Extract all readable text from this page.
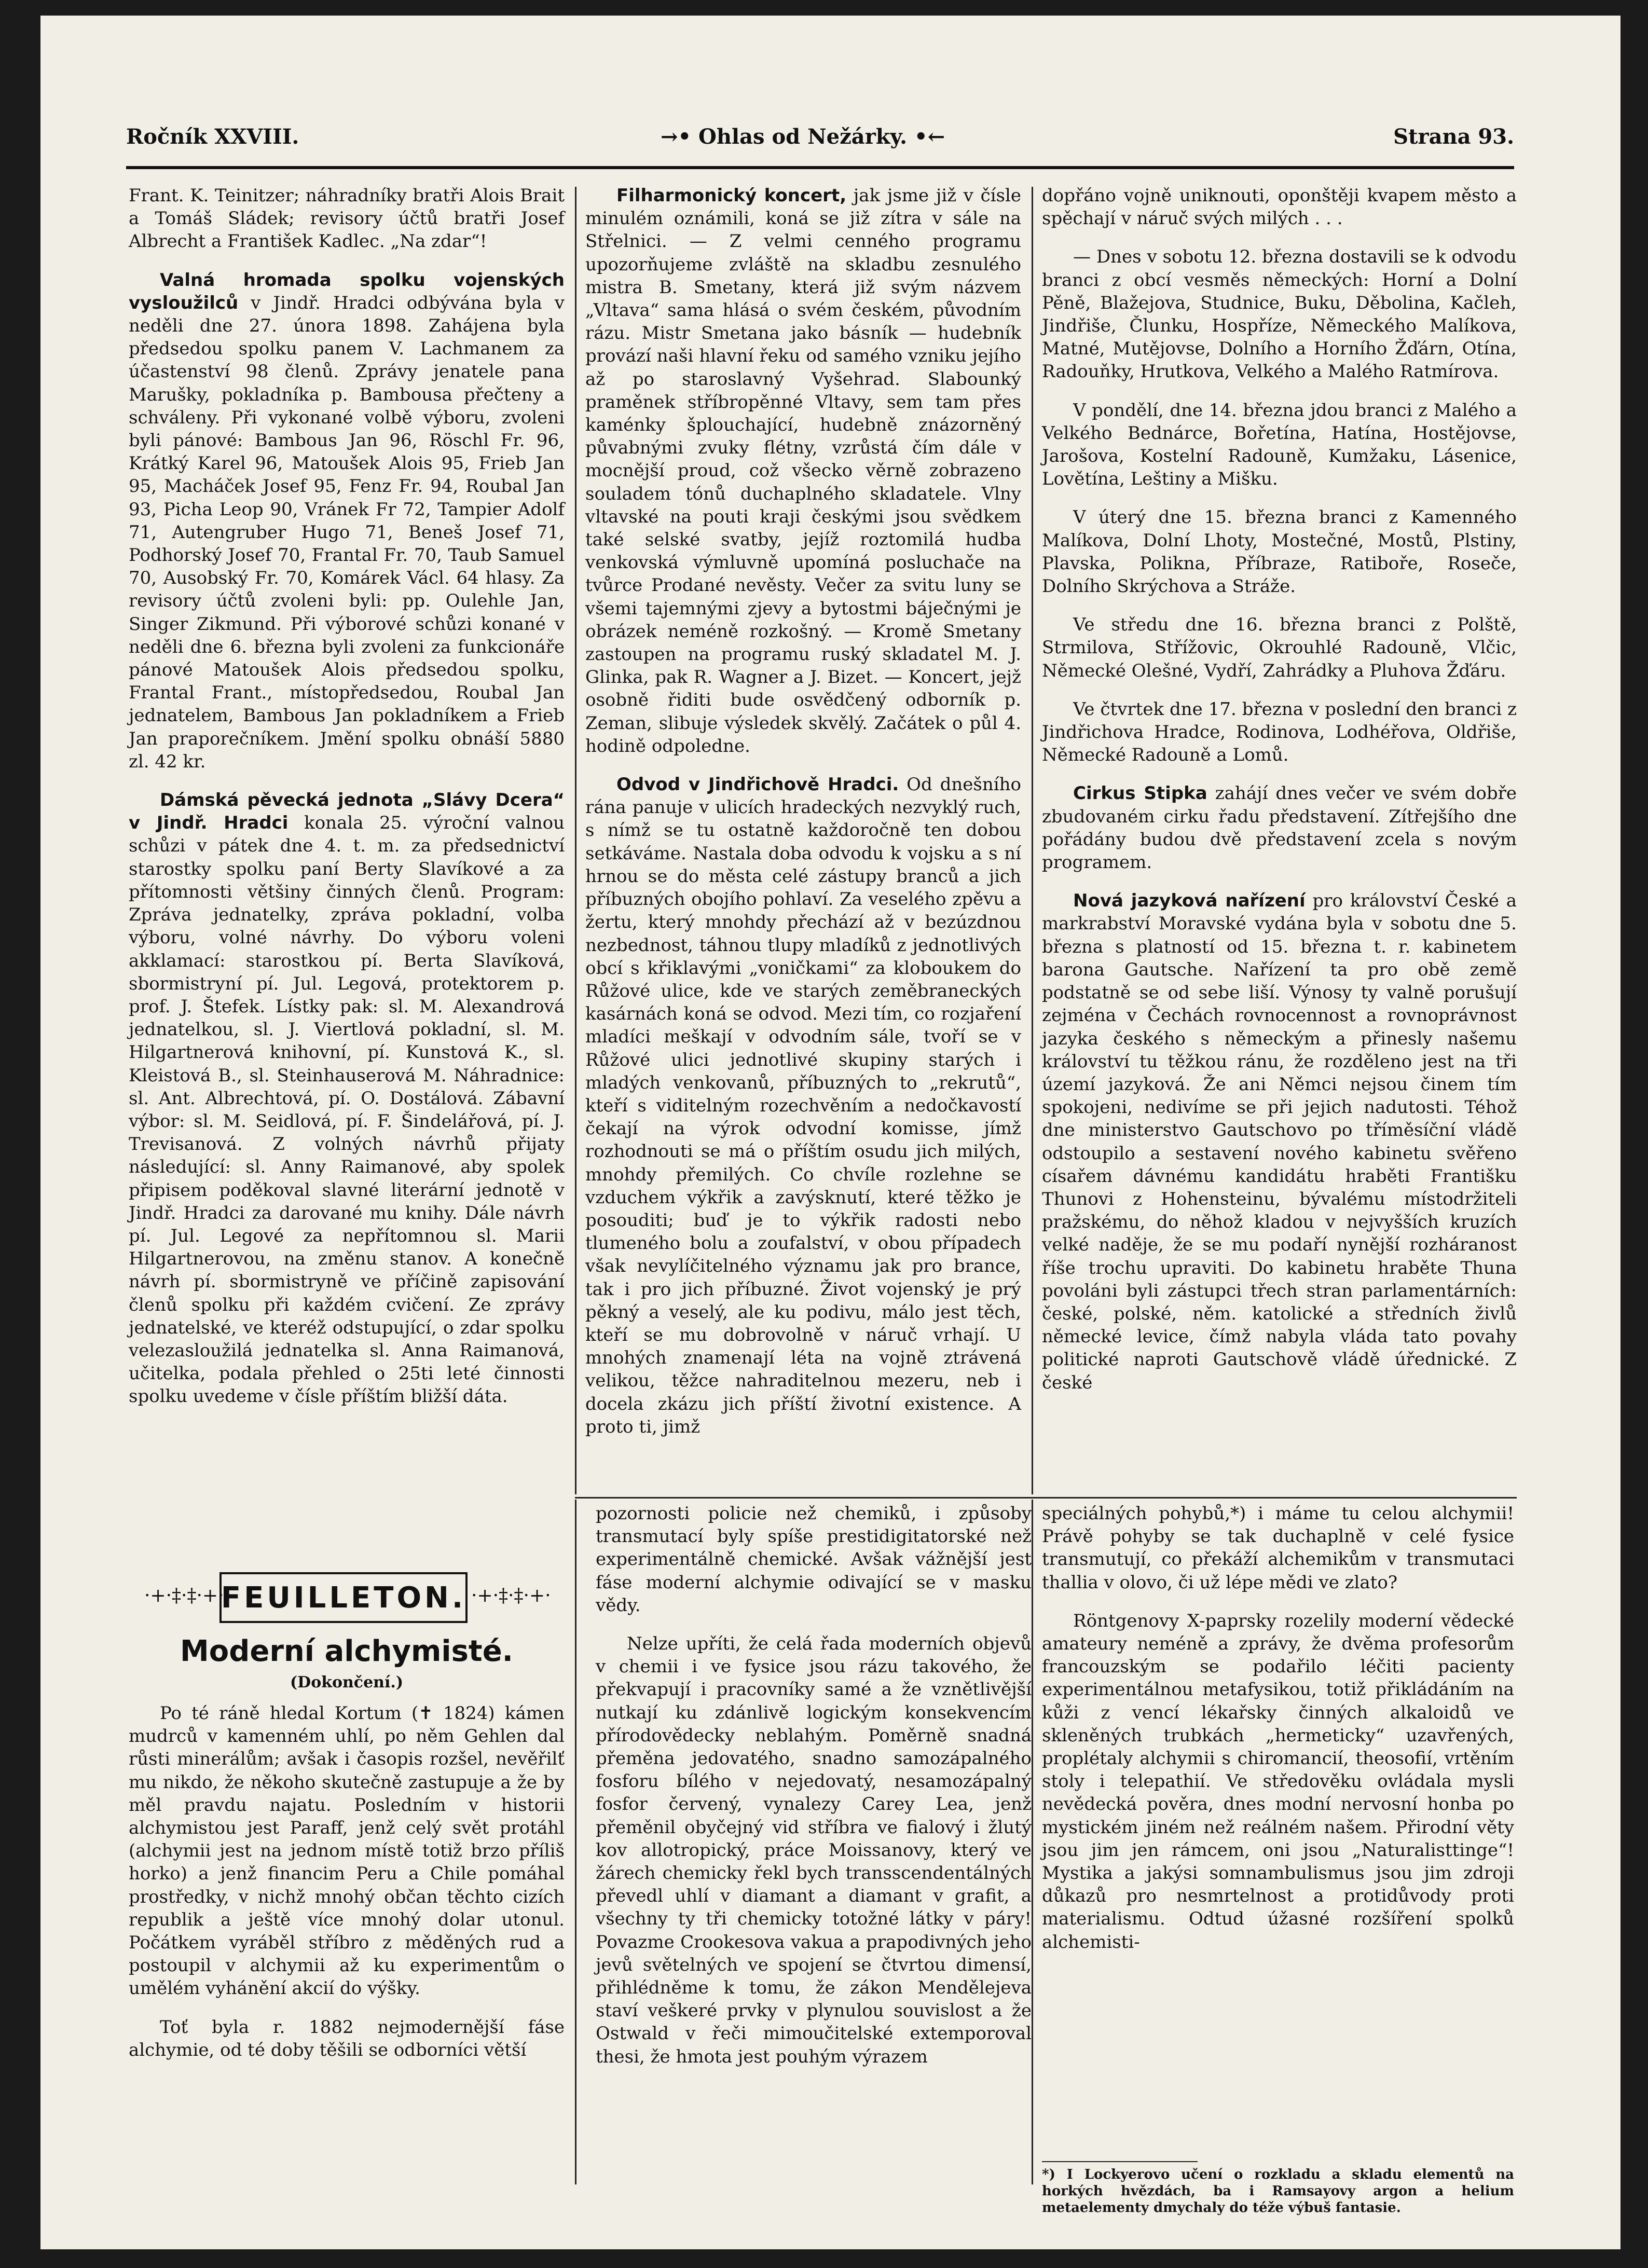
Ročník XXVIII.	→• Ohlas od Nežárky. •←	Strana 93.

Frant. K. Teinitzer; náhradníky bratři Alois Brait a Tomáš Sládek; revisory účtů bratři Josef Albrecht a František Kadlec. „Na zdar“!

Valná hromada spolku vojenských vysloužilců v Jindř. Hradci odbývána byla v neděli dne 27. února 1898. Zahájena byla předsedou spolku panem V. Lachmanem za účastenství 98 členů. Zprávy jenatele pana Marušky, pokladníka p. Bambousa přečteny a schváleny. Při vykonané volbě výboru, zvoleni byli pánové: Bambous Jan 96, Röschl Fr. 96, Krátký Karel 96, Matoušek Alois 95, Frieb Jan 95, Macháček Josef 95, Fenz Fr. 94, Roubal Jan 93, Picha Leop 90, Vránek Fr 72, Tampier Adolf 71, Autengruber Hugo 71, Beneš Josef 71, Podhorský Josef 70, Frantal Fr. 70, Taub Samuel 70, Ausobský Fr. 70, Komárek Václ. 64 hlasy. Za revisory účtů zvoleni byli: pp. Oulehle Jan, Singer Zikmund. Při výborové schůzi konané v neděli dne 6. března byli zvoleni za funkcionáře pánové Matoušek Alois předsedou spolku, Frantal Frant., místopředsedou, Roubal Jan jednatelem, Bambous Jan pokladníkem a Frieb Jan praporečníkem. Jmění spolku obnáší 5880 zl. 42 kr.

Dámská pěvecká jednota „Slávy Dcera“ v Jindř. Hradci konala 25. výroční valnou schůzi v pátek dne 4. t. m. za předsednictví starostky spolku paní Berty Slavíkové a za přítomnosti většiny činných členů. Program: Zpráva jednatelky, zpráva pokladní, volba výboru, volné návrhy. Do výboru voleni akklamací: starostkou pí. Berta Slavíková, sbormistryní pí. Jul. Legová, protektorem p. prof. J. Štefek. Lístky pak: sl. M. Alexandrová jednatelkou, sl. J. Viertlová pokladní, sl. M. Hilgartnerová knihovní, pí. Kunstová K., sl. Kleistová B., sl. Steinhauserová M. Náhradnice: sl. Ant. Albrechtová, pí. O. Dostálová. Zábavní výbor: sl. M. Seidlová, pí. F. Šindelářová, pí. J. Trevisanová. Z volných návrhů přijaty následující: sl. Anny Raimanové, aby spolek připisem poděkoval slavné literární jednotě v Jindř. Hradci za darované mu knihy. Dále návrh pí. Jul. Legové za nepřítomnou sl. Marii Hilgartnerovou, na změnu stanov. A konečně návrh pí. sbormistryně ve příčině zapisování členů spolku při každém cvičení. Ze zprávy jednatelské, ve kteréž odstupující, o zdar spolku velezasloužilá jednatelka sl. Anna Raimanová, učitelka, podala přehled o 25ti leté činnosti spolku uvedeme v čísle příštím bližší dáta.

Filharmonický koncert, jak jsme již v čísle minulém oznámili, koná se již zítra v sále na Střelnici. — Z velmi cenného programu upozorňujeme zvláště na skladbu zesnulého mistra B. Smetany, která již svým názvem „Vltava“ sama hlásá o svém českém, původním rázu. Mistr Smetana jako básník — hudebník provází naši hlavní řeku od samého vzniku jejího až po staroslavný Vyšehrad. Slabounký praměnek stříbropěnné Vltavy, sem tam přes kaménky šplouchající, hudebně znázorněný půvabnými zvuky flétny, vzrůstá čím dále v mocnější proud, což všecko věrně zobrazeno souladem tónů duchaplného skladatele. Vlny vltavské na pouti kraji českými jsou svědkem také selské svatby, jejíž roztomilá hudba venkovská výmluvně upomíná posluchače na tvůrce Prodané nevěsty. Večer za svitu luny se všemi tajemnými zjevy a bytostmi báječnými je obrázek neméně rozkošný. — Kromě Smetany zastoupen na programu ruský skladatel M. J. Glinka, pak R. Wagner a J. Bizet. — Koncert, jejž osobně řiditi bude osvědčený odborník p. Zeman, slibuje výsledek skvělý. Začátek o půl 4. hodině odpoledne.

Odvod v Jindřichově Hradci. Od dnešního rána panuje v ulicích hradeckých nezvyklý ruch, s nímž se tu ostatně každoročně ten dobou setkáváme. Nastala doba odvodu k vojsku a s ní hrnou se do města celé zástupy branců a jich příbuzných obojího pohlaví. Za veselého zpěvu a žertu, který mnohdy přechází až v bezúzdnou nezbednost, táhnou tlupy mladíků z jednotlivých obcí s křiklavými „voničkami“ za kloboukem do Růžové ulice, kde ve starých zeměbraneckých kasárnách koná se odvod. Mezi tím, co rozjaření mladíci meškají v odvodním sále, tvoří se v Růžové ulici jednotlivé skupiny starých i mladých venkovanů, příbuzných to „rekrutů“, kteří s viditelným rozechvěním a nedočkavostí čekají na výrok odvodní komisse, jímž rozhodnouti se má o příštím osudu jich milých, mnohdy přemilých. Co chvíle rozlehne se vzduchem výkřik a zavýsknutí, které těžko je posouditi; buď je to výkřik radosti nebo tlumeného bolu a zoufalství, v obou případech však nevylíčitelného významu jak pro brance, tak i pro jich příbuzné. Život vojenský je prý pěkný a veselý, ale ku podivu, málo jest těch, kteří se mu dobrovolně v náruč vrhají. U mnohých znamenají léta na vojně ztrávená velikou, těžce nahraditelnou mezeru, neb i docela zkázu jich příští životní existence. A proto ti, jimž

dopřáno vojně uniknouti, oponštěji kvapem město a spěchají v náruč svých milých . . .

— Dnes v sobotu 12. března dostavili se k odvodu branci z obcí vesměs německých: Horní a Dolní Pěně, Blažejova, Studnice, Buku, Děbolina, Kačleh, Jindřiše, Člunku, Hospříze, Německého Malíkova, Matné, Mutějovse, Dolního a Horního Žďárn, Otína, Radouňky, Hrutkova, Velkého a Malého Ratmírova.

V pondělí, dne 14. března jdou branci z Malého a Velkého Bednárce, Bořetína, Hatína, Hostějovse, Jarošova, Kostelní Radouně, Kumžaku, Lásenice, Lovětína, Leštiny a Mišku.

V úterý dne 15. března branci z Kamenného Malíkova, Dolní Lhoty, Mostečné, Mostů, Plstiny, Plavska, Polikna, Příbraze, Ratiboře, Roseče, Dolního Skrýchova a Stráže.

Ve středu dne 16. března branci z Polště, Strmilova, Střížovic, Okrouhlé Radouně, Vlčic, Německé Olešné, Vydří, Zahrádky a Pluhova Žďáru.

Ve čtvrtek dne 17. března v poslední den branci z Jindřichova Hradce, Rodinova, Lodhéřova, Oldřiše, Německé Radouně a Lomů.

Cirkus Stipka zahájí dnes večer ve svém dobře zbudovaném cirku řadu představení. Zítřejšího dne pořádány budou dvě představení zcela s novým programem.

Nová jazyková nařízení pro království České a markrabství Moravské vydána byla v sobotu dne 5. března s platností od 15. března t. r. kabinetem barona Gautsche. Nařízení ta pro obě země podstatně se od sebe liší. Výnosy ty valně porušují zejména v Čechách rovnocennost a rovnoprávnost jazyka českého s německým a přinesly našemu království tu těžkou ránu, že rozděleno jest na tři území jazyková. Že ani Němci nejsou činem tím spokojeni, nedivíme se při jejich nadutosti. Téhož dne ministerstvo Gautschovo po tříměsíční vládě odstoupilo a sestavení nového kabinetu svěřeno císařem dávnému kandidátu hraběti Františku Thunovi z Hohensteinu, bývalému místodržiteli pražskému, do něhož kladou v nejvyšších kruzích velké naděje, že se mu podaří nynější rozháranost říše trochu upraviti. Do kabinetu hraběte Thuna povoláni byli zástupci třech stran parlamentárních: české, polské, něm. katolické a středních živlů německé levice, čímž nabyla vláda tato povahy politické naproti Gautschově vládě úřednické. Z české

·+·‡·‡·+·
FEUILLETON. ·+·‡·‡·+·
Moderní alchymisté.
(Dokončení.)

Po té ráně hledal Kortum (✝ 1824) kámen mudrců v kamenném uhlí, po něm Gehlen dal růsti minerálům; avšak i časopis rozšel, nevěřilť mu nikdo, že někoho skutečně zastupuje a že by měl pravdu najatu. Posledním v historii alchymistou jest Paraff, jenž celý svět protáhl (alchymii jest na jednom místě totiž brzo příliš horko) a jenž financim Peru a Chile pomáhal prostředky, v nichž mnohý občan těchto cizích republik a ještě více mnohý dolar utonul. Počátkem vyráběl stříbro z měděných rud a postoupil v alchymii až ku experimentům o umělém vyhánění akcií do výšky.

Toť byla r. 1882 nejmodernější fáse alchymie, od té doby těšili se odborníci větší

pozornosti policie než chemiků, i způsoby transmutací byly spíše prestidigitatorské než experimentálně chemické. Avšak vážnější jest fáse moderní alchymie odivající se v masku vědy.

Nelze upříti, že celá řada moderních objevů v chemii i ve fysice jsou rázu takového, že překvapují i pracovníky samé a že vznětlivější nutkají ku zdánlivě logickým konsekvencím přírodovědecky neblahým. Poměrně snadná přeměna jedovatého, snadno samozápalného fosforu bílého v nejedovatý, nesamozápalný fosfor červený, vynalezy Carey Lea, jenž přeměnil obyčejný vid stříbra ve fialový i žlutý kov allotropický, práce Moissanovy, který ve žárech chemicky řekl bych transscendentálných převedl uhlí v diamant a diamant v grafit, a všechny ty tři chemicky totožné látky v páry! Povazme Crookesova vakua a prapodivných jeho jevů světelných ve spojení se čtvrtou dimensí, přihlédněme k tomu, že zákon Mendělejeva staví veškeré prvky v plynulou souvislost a že Ostwald v řeči mimoučitelské extemporoval thesi, že hmota jest pouhým výrazem

speciálných pohybů,*) i máme tu celou alchymii! Právě pohyby se tak duchaplně v celé fysice transmutují, co překáží alchemikům v transmutaci thallia v olovo, či už lépe mědi ve zlato?

Röntgenovy X-paprsky rozelily moderní vědecké amateury neméně a zprávy, že dvěma profesorům francouzským se podařilo léčiti pacienty experimentálnou metafysikou, totiž přikládáním na kůži z vencí lékařsky činných alkaloidů ve skleněných trubkách „hermeticky“ uzavřených, proplétaly alchymii s chiromancií, theosofií, vrtěním stoly i telepathií. Ve středověku ovládala mysli nevědecká pověra, dnes modní nervosní honba po mystickém jiném než reálném našem. Přirodní věty jsou jim jen rámcem, oni jsou „Naturalisttinge“! Mystika a jakýsi somnambulismus jsou jim zdroji důkazů pro nesmrtelnost a protidůvody proti materialismu. Odtud úžasné rozšíření spolků alchemisti-

*) I Lockyerovo učení o rozkladu a skladu elementů na horkých hvězdách, ba i Ramsayovy argon a helium metaelementy dmychaly do téže výbuš fantasie.
